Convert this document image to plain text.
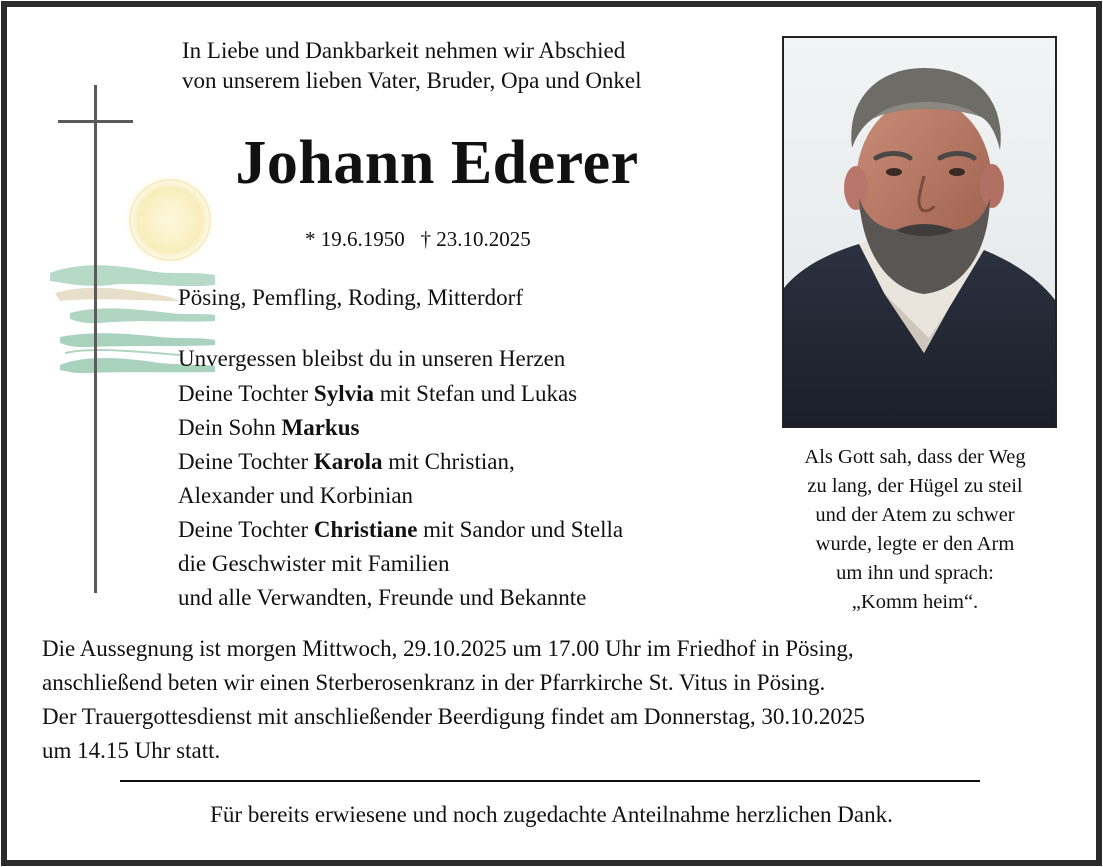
In Liebe und Dankbarkeit nehmen wir Abschied
von unserem lieben Vater, Bruder, Opa und Onkel
Johann Ederer
* 19.6.1950   † 23.10.2025
Pösing, Pemfling, Roding, Mitterdorf
Unvergessen bleibst du in unseren Herzen
Deine Tochter Sylvia mit Stefan und Lukas
Dein Sohn Markus
Deine Tochter Karola mit Christian,
Alexander und Korbinian
Deine Tochter Christiane mit Sandor und Stella
die Geschwister mit Familien
und alle Verwandten, Freunde und Bekannte
Als Gott sah, dass der Weg
zu lang, der Hügel zu steil
und der Atem zu schwer
wurde, legte er den Arm
um ihn und sprach:
„Komm heim“.
Die Aussegnung ist morgen Mittwoch, 29.10.2025 um 17.00 Uhr im Friedhof in Pösing,
anschließend beten wir einen Sterberosenkranz in der Pfarrkirche St. Vitus in Pösing.
Der Trauergottesdienst mit anschließender Beerdigung findet am Donnerstag, 30.10.2025
um 14.15 Uhr statt.
Für bereits erwiesene und noch zugedachte Anteilnahme herzlichen Dank.
